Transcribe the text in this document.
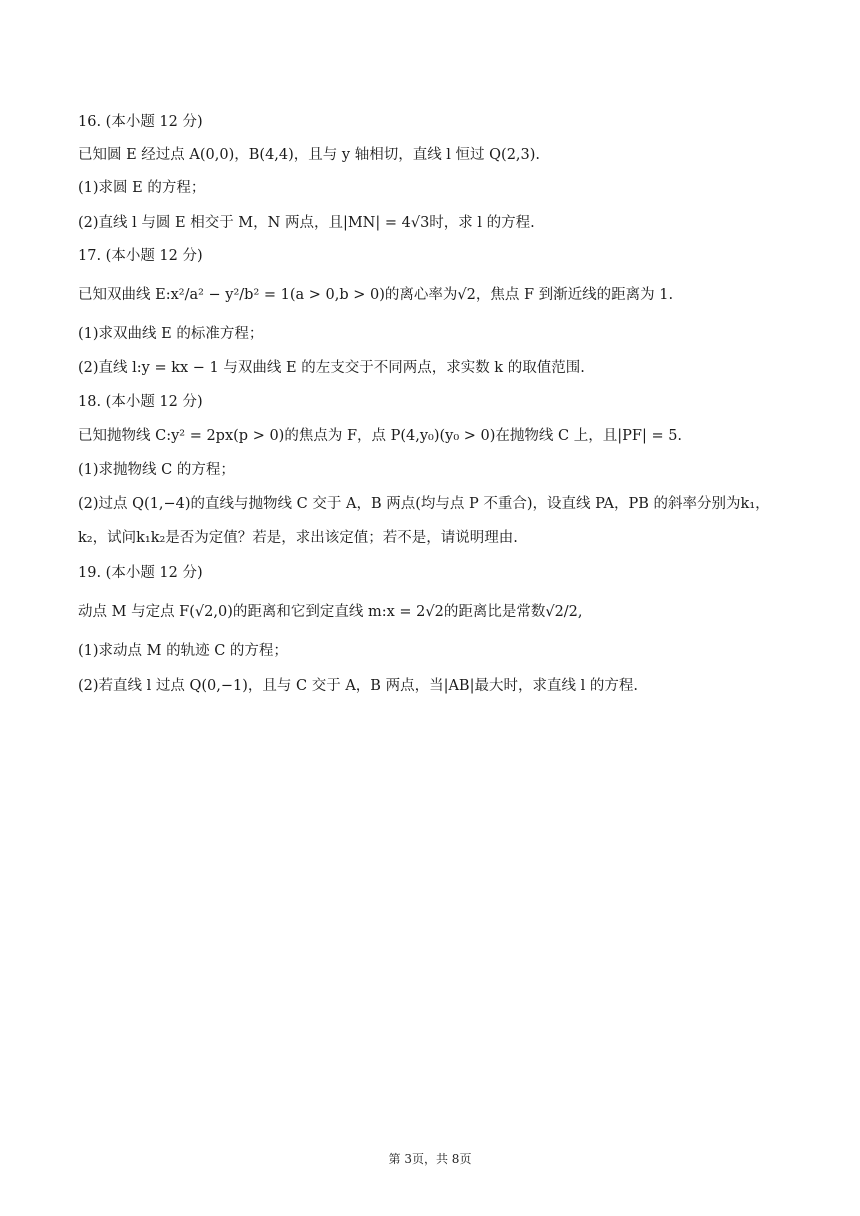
16. (本小题 12 分)
已知圆 E 经过点 A(0,0)，B(4,4)，且与 y 轴相切，直线 l 恒过 Q(2,3).
(1)求圆 E 的方程；
(2)直线 l 与圆 E 相交于 M，N 两点，且|MN| = 4√3时，求 l 的方程.
17. (本小题 12 分)
已知双曲线 E:x²/a² − y²/b² = 1(a > 0,b > 0)的离心率为√2，焦点 F 到渐近线的距离为 1.
(1)求双曲线 E 的标准方程；
(2)直线 l:y = kx − 1 与双曲线 E 的左支交于不同两点，求实数 k 的取值范围.
18. (本小题 12 分)
已知抛物线 C:y² = 2px(p > 0)的焦点为 F，点 P(4,y₀)(y₀ > 0)在抛物线 C 上，且|PF| = 5.
(1)求抛物线 C 的方程；
(2)过点 Q(1,−4)的直线与抛物线 C 交于 A，B 两点(均与点 P 不重合)，设直线 PA，PB 的斜率分别为k₁，
k₂，试问k₁k₂是否为定值？若是，求出该定值；若不是，请说明理由.
19. (本小题 12 分)
动点 M 与定点 F(√2,0)的距离和它到定直线 m:x = 2√2的距离比是常数√2/2,
(1)求动点 M 的轨迹 C 的方程；
(2)若直线 l 过点 Q(0,−1)，且与 C 交于 A，B 两点，当|AB|最大时，求直线 l 的方程.
第 3页，共 8页
